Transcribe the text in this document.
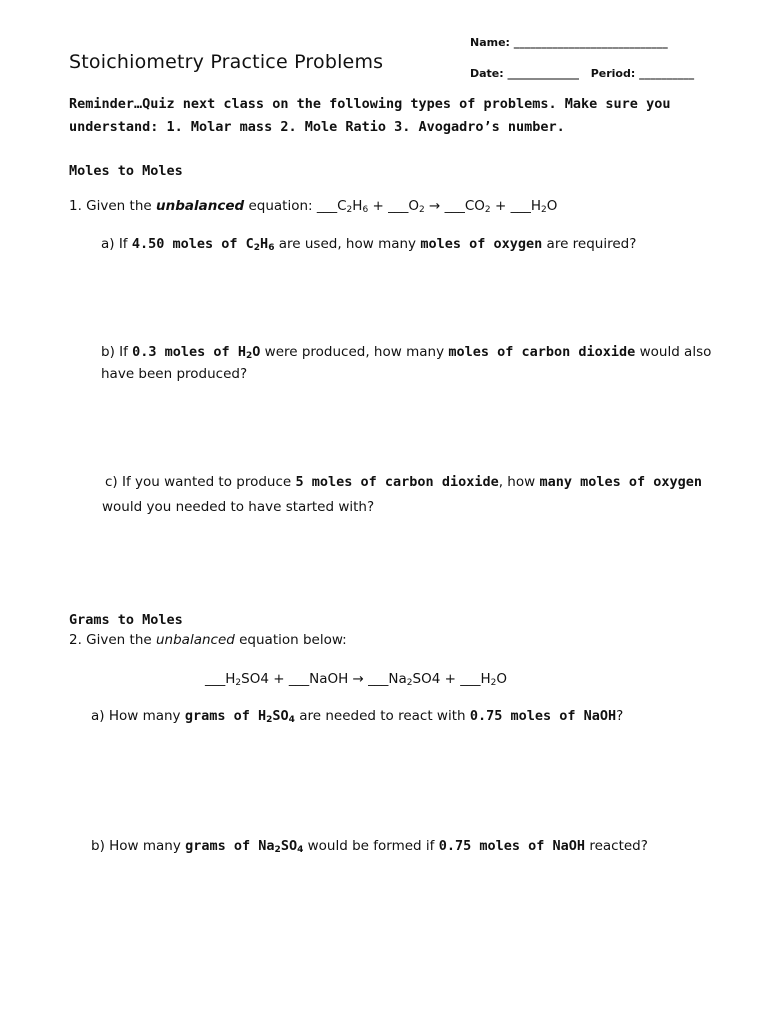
Stoichiometry Practice Problems
Name: ____________________________
Date: _____________ Period: __________
Reminder…Quiz next class on the following types of problems. Make sure you
understand: 1. Molar mass 2. Mole Ratio 3. Avogadro’s number.
Moles to Moles
1. Given the unbalanced equation: $\_\_\_C_2H_6$ + $\_\_\_O_2$ → $\_\_\_CO_2$ + $\_\_\_H_2O$
a) If 4.50 moles of $C_2H_6$ are used, how many moles of oxygen are required?
b) If 0.3 moles of $H_2O$ were produced, how many moles of carbon dioxide would also
have been produced?
c) If you wanted to produce 5 moles of carbon dioxide, how many moles of oxygen
would you needed to have started with?
Grams to Moles
2. Given the unbalanced equation below:
$\_\_\_H_2SO4$ + ___NaOH → $\_\_\_Na_2SO4$ + $\_\_\_H_2O$
a) How many grams of $H_2SO_4$ are needed to react with 0.75 moles of NaOH?
b) How many grams of $Na_2SO_4$ would be formed if 0.75 moles of NaOH reacted?
